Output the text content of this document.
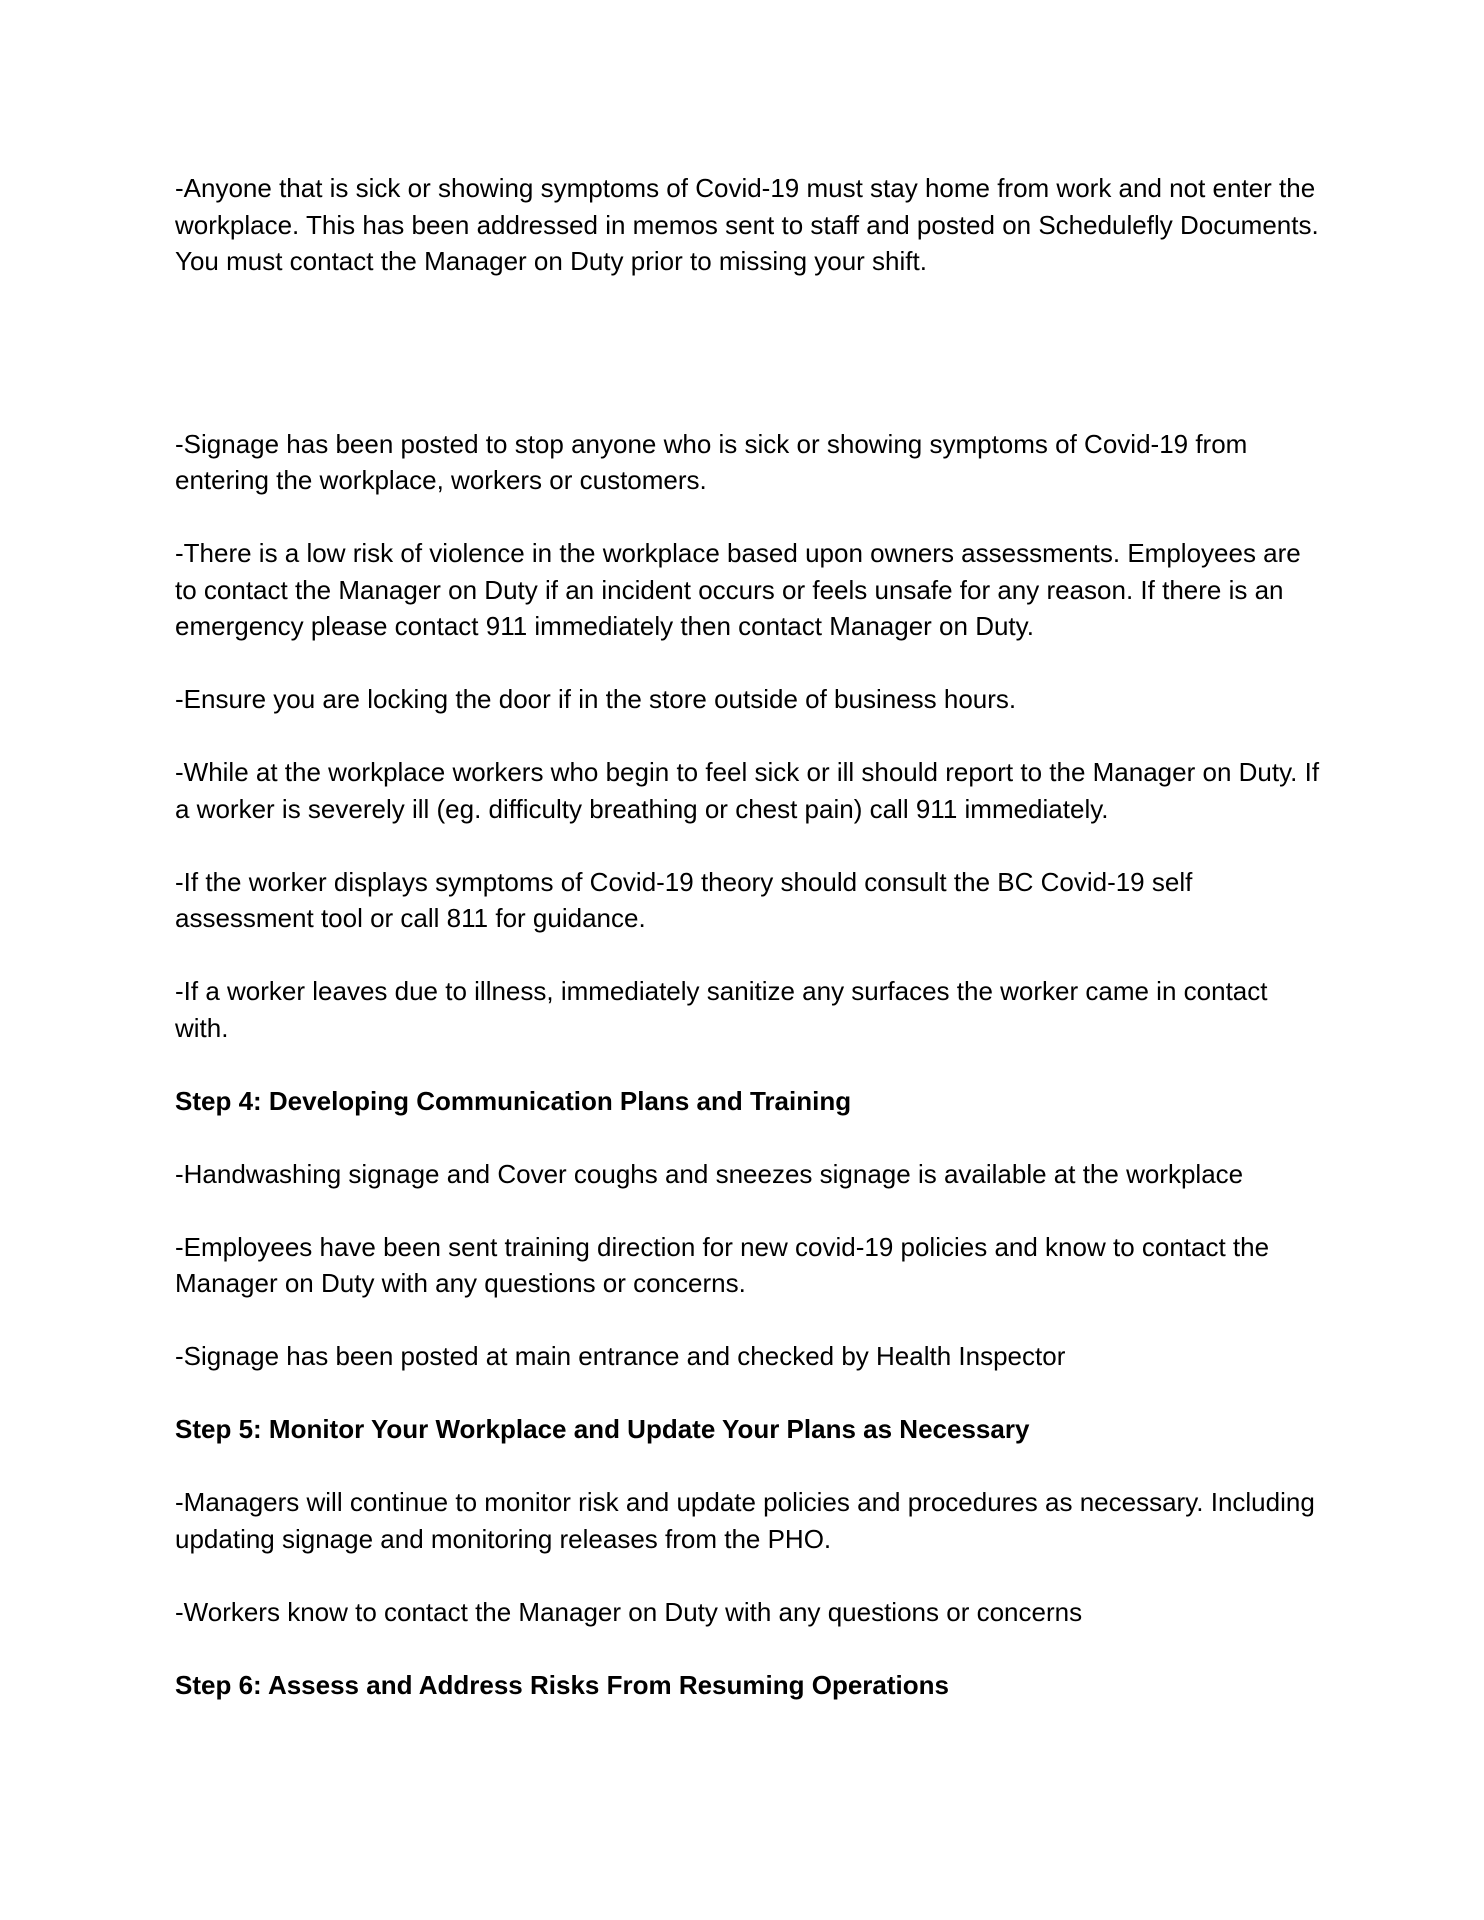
-Anyone that is sick or showing symptoms of Covid-19 must stay home from work and not enter the workplace. This has been addressed in memos sent to staff and posted on Schedulefly Documents. You must contact the Manager on Duty prior to missing your shift.

-Signage has been posted to stop anyone who is sick or showing symptoms of Covid-19 from entering the workplace, workers or customers.

-There is a low risk of violence in the workplace based upon owners assessments. Employees are to contact the Manager on Duty if an incident occurs or feels unsafe for any reason. If there is an emergency please contact 911 immediately then contact Manager on Duty.

-Ensure you are locking the door if in the store outside of business hours.

-While at the workplace workers who begin to feel sick or ill should report to the Manager on Duty. If a worker is severely ill (eg. difficulty breathing or chest pain) call 911 immediately.

-If the worker displays symptoms of Covid-19 theory should consult the BC Covid-19 self assessment tool or call 811 for guidance.

-If a worker leaves due to illness, immediately sanitize any surfaces the worker came in contact with.

Step 4: Developing Communication Plans and Training

-Handwashing signage and Cover coughs and sneezes signage is available at the workplace

-Employees have been sent training direction for new covid-19 policies and know to contact the Manager on Duty with any questions or concerns.

-Signage has been posted at main entrance and checked by Health Inspector

Step 5: Monitor Your Workplace and Update Your Plans as Necessary

-Managers will continue to monitor risk and update policies and procedures as necessary. Including updating signage and monitoring releases from the PHO.

-Workers know to contact the Manager on Duty with any questions or concerns

Step 6: Assess and Address Risks From Resuming Operations
